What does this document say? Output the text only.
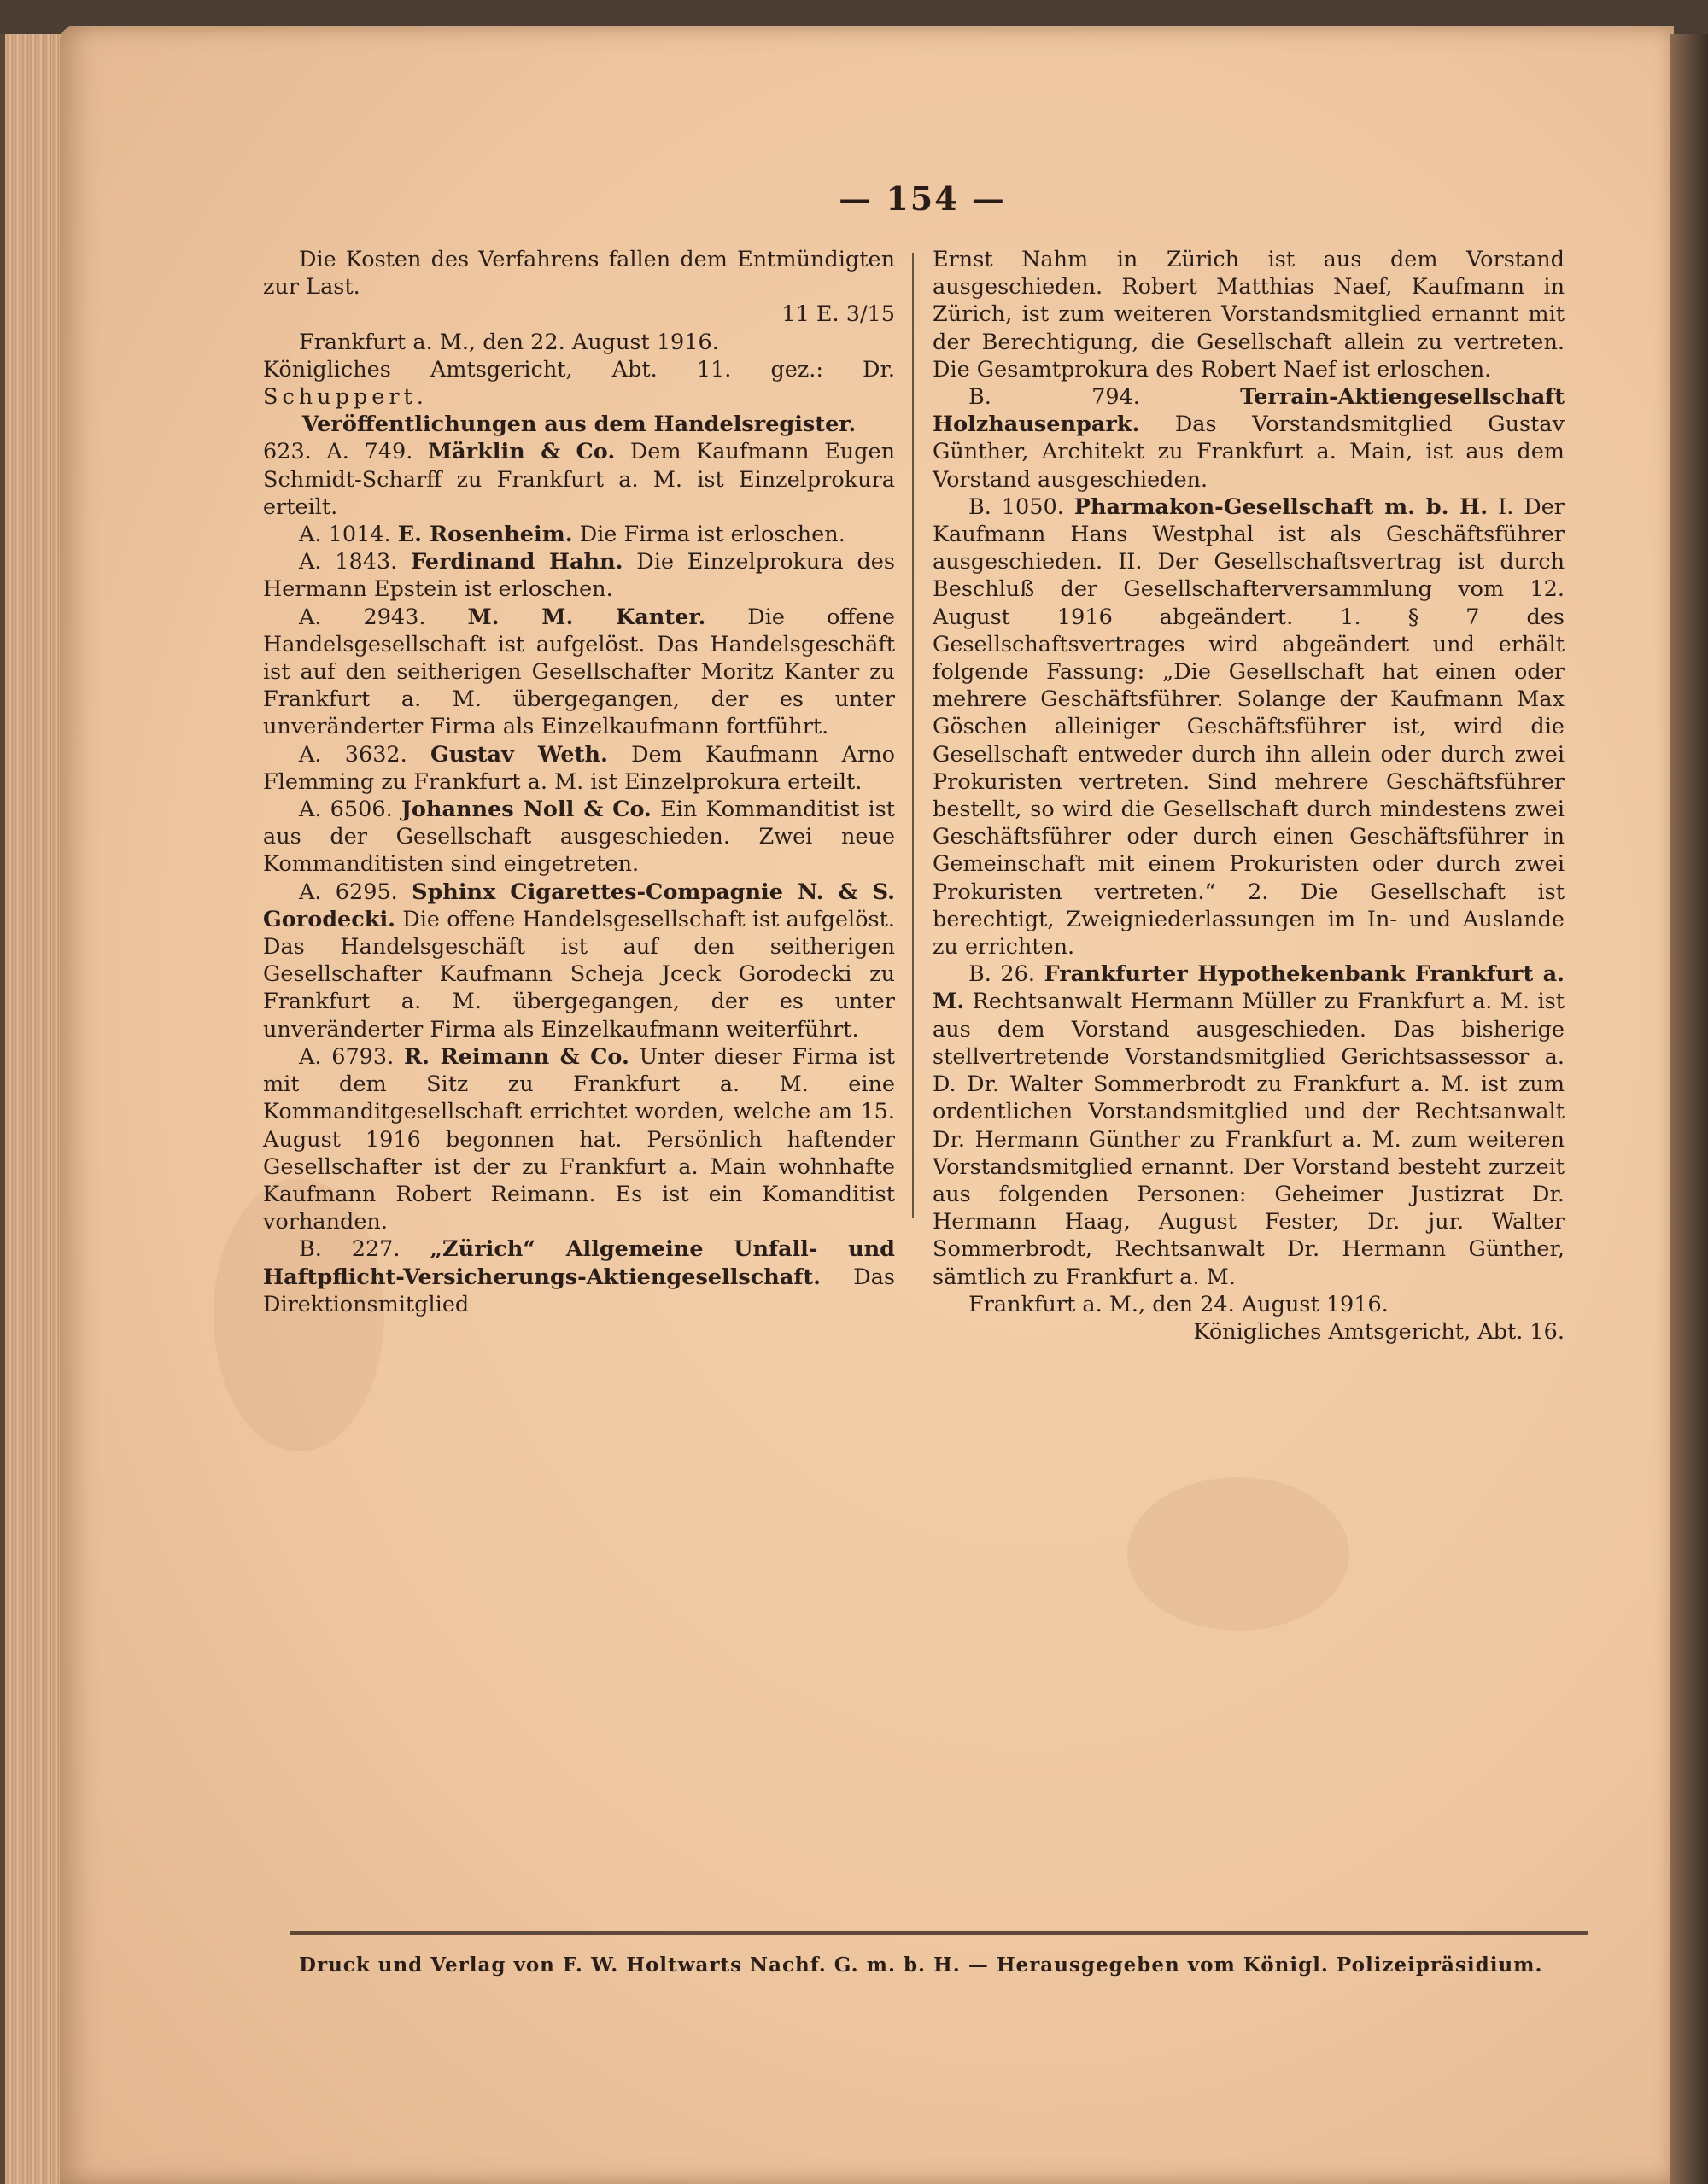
— 154 —

Die Kosten des Verfahrens fallen dem Entmündigten zur Last.

11 E. 3/15

Frankfurt a. M., den 22. August 1916.

Königliches Amtsgericht, Abt. 11. gez.: Dr. Schuppert.

Veröffentlichungen aus dem Handelsregister.

623. A. 749. Märklin & Co. Dem Kaufmann Eugen Schmidt-Scharff zu Frankfurt a. M. ist Einzelprokura erteilt.

A. 1014. E. Rosenheim. Die Firma ist erloschen.

A. 1843. Ferdinand Hahn. Die Einzelprokura des Hermann Epstein ist erloschen.

A. 2943. M. M. Kanter. Die offene Handelsgesellschaft ist aufgelöst. Das Handelsgeschäft ist auf den seitherigen Gesellschafter Moritz Kanter zu Frankfurt a. M. übergegangen, der es unter unveränderter Firma als Einzelkaufmann fortführt.

A. 3632. Gustav Weth. Dem Kaufmann Arno Flemming zu Frankfurt a. M. ist Einzelprokura erteilt.

A. 6506. Johannes Noll & Co. Ein Kommanditist ist aus der Gesellschaft ausgeschieden. Zwei neue Kommanditisten sind eingetreten.

A. 6295. Sphinx Cigarettes-Compagnie N. & S. Gorodecki. Die offene Handelsgesellschaft ist aufgelöst. Das Handelsgeschäft ist auf den seitherigen Gesellschafter Kaufmann Scheja Jceck Gorodecki zu Frankfurt a. M. übergegangen, der es unter unveränderter Firma als Einzelkaufmann weiterführt.

A. 6793. R. Reimann & Co. Unter dieser Firma ist mit dem Sitz zu Frankfurt a. M. eine Kommanditgesellschaft errichtet worden, welche am 15. August 1916 begonnen hat. Persönlich haftender Gesellschafter ist der zu Frankfurt a. Main wohnhafte Kaufmann Robert Reimann. Es ist ein Komanditist vorhanden.

B. 227. „Zürich“ Allgemeine Unfall- und Haftpflicht-Versicherungs-Aktiengesellschaft. Das Direktionsmitglied

Ernst Nahm in Zürich ist aus dem Vorstand ausgeschieden. Robert Matthias Naef, Kaufmann in Zürich, ist zum weiteren Vorstandsmitglied ernannt mit der Berechtigung, die Gesellschaft allein zu vertreten. Die Gesamtprokura des Robert Naef ist erloschen.

B. 794.	Terrain-Aktiengesellschaft Holzhausenpark. Das Vorstandsmitglied Gustav Günther, Architekt zu Frankfurt a. Main, ist aus dem Vorstand ausgeschieden.

B. 1050. Pharmakon-Gesellschaft m. b. H. I. Der Kaufmann Hans Westphal ist als Geschäftsführer ausgeschieden. II. Der Gesellschaftsvertrag ist durch Beschluß der Gesellschafterversammlung vom 12. August 1916 abgeändert. 1. § 7 des Gesellschaftsvertrages wird abgeändert und erhält folgende Fassung: „Die Gesellschaft hat einen oder mehrere Geschäftsführer. Solange der Kaufmann Max Göschen alleiniger Geschäftsführer ist, wird die Gesellschaft entweder durch ihn allein oder durch zwei Prokuristen vertreten. Sind mehrere Geschäftsführer bestellt, so wird die Gesellschaft durch mindestens zwei Geschäftsführer oder durch einen Geschäftsführer in Gemeinschaft mit einem Prokuristen oder durch zwei Prokuristen vertreten.“ 2. Die Gesellschaft ist berechtigt, Zweigniederlassungen im In- und Auslande zu errichten.

B. 26. Frankfurter Hypothekenbank Frankfurt a. M. Rechtsanwalt Hermann Müller zu Frankfurt a. M. ist aus dem Vorstand ausgeschieden. Das bisherige stellvertretende Vorstandsmitglied Gerichtsassessor a. D. Dr. Walter Sommerbrodt zu Frankfurt a. M. ist zum ordentlichen Vorstandsmitglied und der Rechtsanwalt Dr. Hermann Günther zu Frankfurt a. M. zum weiteren Vorstandsmitglied ernannt. Der Vorstand besteht zurzeit aus folgenden Personen: Geheimer Justizrat Dr. Hermann Haag, August Fester, Dr. jur. Walter Sommerbrodt, Rechtsanwalt Dr. Hermann Günther, sämtlich zu Frankfurt a. M.

Frankfurt a. M., den 24. August 1916.

Königliches Amtsgericht, Abt. 16.

Druck und Verlag von F. W. Holtwarts Nachf. G. m. b. H. — Herausgegeben vom Königl. Polizeipräsidium.
